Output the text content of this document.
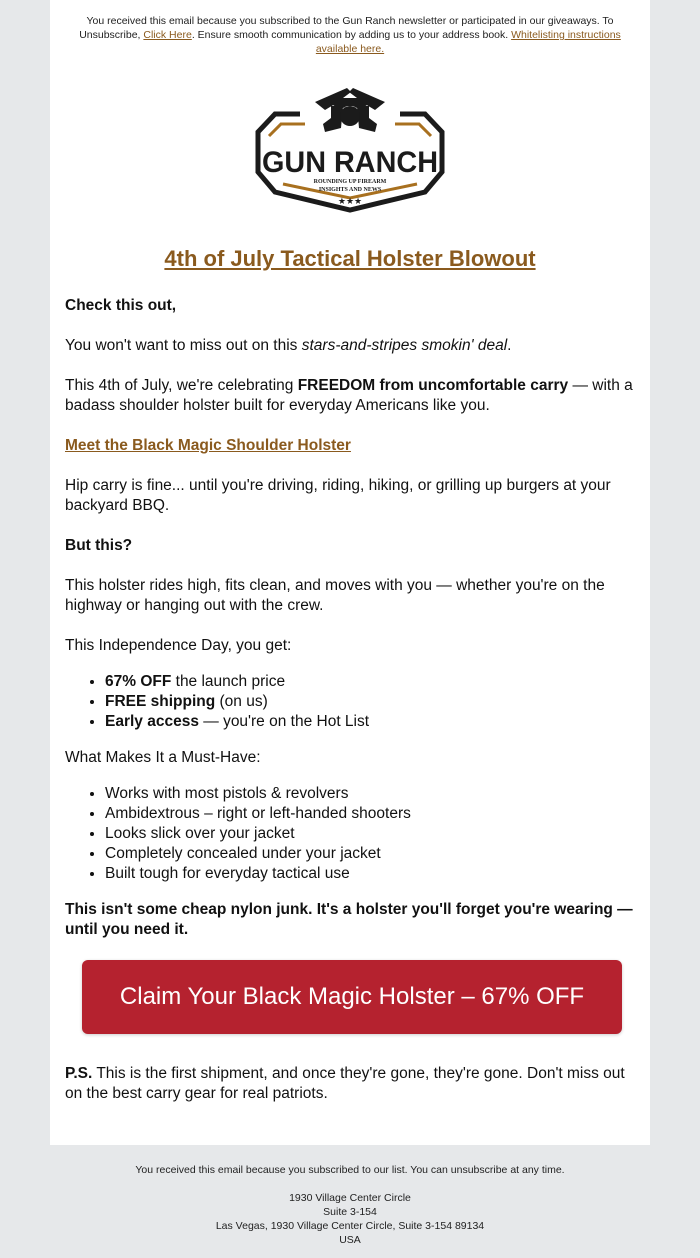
You received this email because you subscribed to the Gun Ranch newsletter or participated in our giveaways. To Unsubscribe, Click Here. Ensure smooth communication by adding us to your address book. Whitelisting instructions available here.
GUN RANCH
ROUNDING UP FIREARM
INSIGHTS AND NEWS
★★★
4th of July Tactical Holster Blowout

Check this out,

You won't want to miss out on this stars-and-stripes smokin' deal.

This 4th of July, we're celebrating FREEDOM from uncomfortable carry — with a badass shoulder holster built for everyday Americans like you.

Meet the Black Magic Shoulder Holster

Hip carry is fine... until you're driving, riding, hiking, or grilling up burgers at your backyard BBQ.

But this?

This holster rides high, fits clean, and moves with you — whether you're on the highway or hanging out with the crew.

This Independence Day, you get:

• 67% OFF the launch price
• FREE shipping (on us)
• Early access — you're on the Hot List

What Makes It a Must-Have:

• Works with most pistols & revolvers
• Ambidextrous – right or left-handed shooters
• Looks slick over your jacket
• Completely concealed under your jacket
• Built tough for everyday tactical use

This isn't some cheap nylon junk. It's a holster you'll forget you're wearing — until you need it.

Claim Your Black Magic Holster – 67% OFF

P.S. This is the first shipment, and once they're gone, they're gone. Don't miss out on the best carry gear for real patriots.

You received this email because you subscribed to our list. You can unsubscribe at any time.
1930 Village Center Circle
Suite 3-154
Las Vegas, 1930 Village Center Circle, Suite 3-154 89134
USA
